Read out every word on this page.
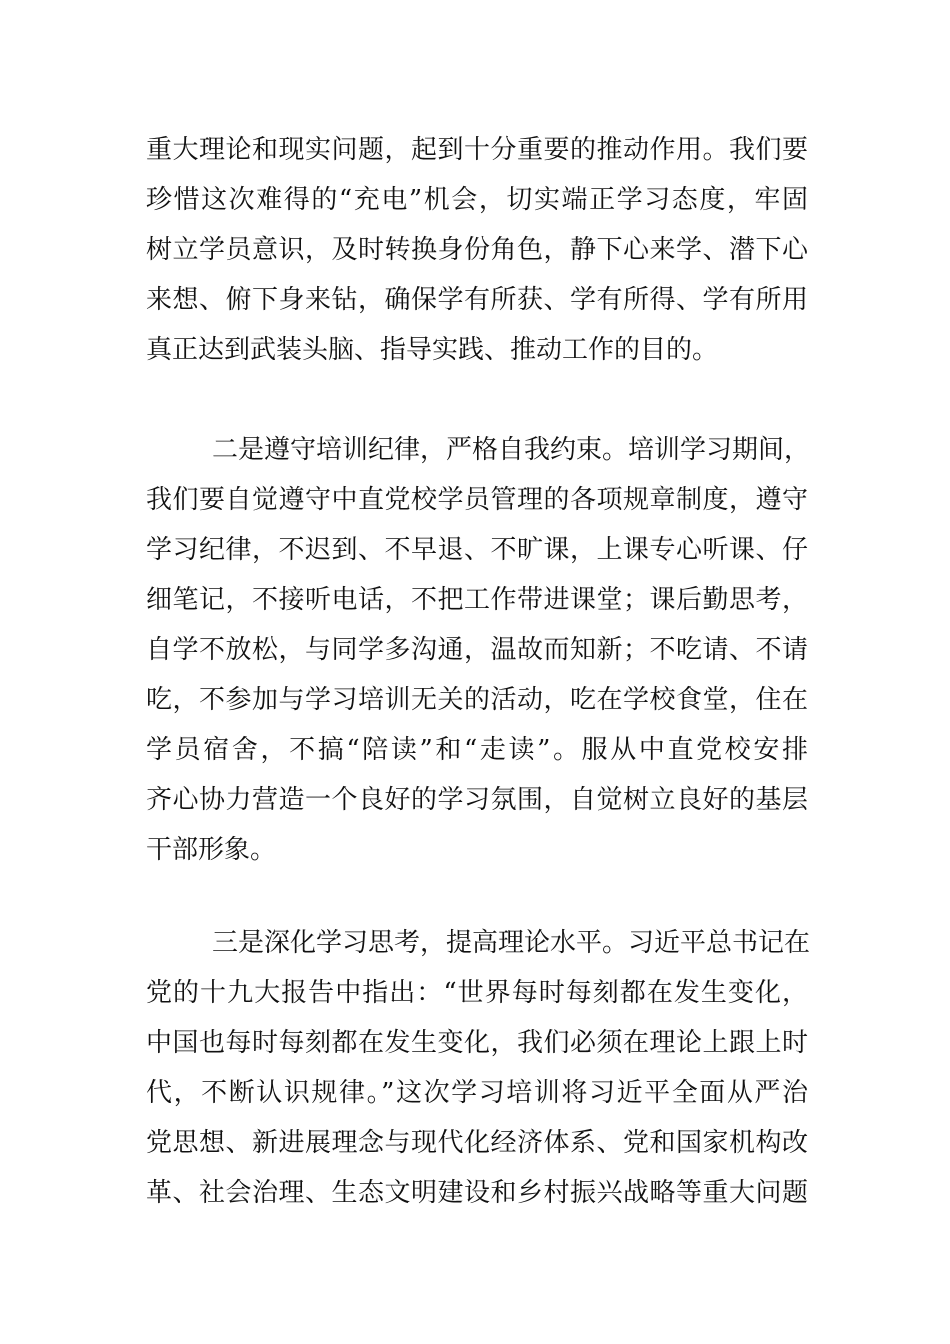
重大理论和现实问题，起到十分重要的推动作用。我们要
珍惜这次难得的“充电”机会，切实端正学习态度，牢固
树立学员意识，及时转换身份角色，静下心来学、潜下心
来想、俯下身来钻，确保学有所获、学有所得、学有所用
真正达到武装头脑、指导实践、推动工作的目的。
二是遵守培训纪律，严格自我约束。培训学习期间，
我们要自觉遵守中直党校学员管理的各项规章制度，遵守
学习纪律，不迟到、不早退、不旷课，上课专心听课、仔
细笔记，不接听电话，不把工作带进课堂；课后勤思考，
自学不放松，与同学多沟通，温故而知新；不吃请、不请
吃，不参加与学习培训无关的活动，吃在学校食堂，住在
学员宿舍，不搞“陪读”和“走读”。服从中直党校安排
齐心协力营造一个良好的学习氛围，自觉树立良好的基层
干部形象。
三是深化学习思考，提高理论水平。习近平总书记在
党的十九大报告中指出：“世界每时每刻都在发生变化，
中国也每时每刻都在发生变化，我们必须在理论上跟上时
代，不断认识规律。”这次学习培训将习近平全面从严治
党思想、新进展理念与现代化经济体系、党和国家机构改
革、社会治理、生态文明建设和乡村振兴战略等重大问题
